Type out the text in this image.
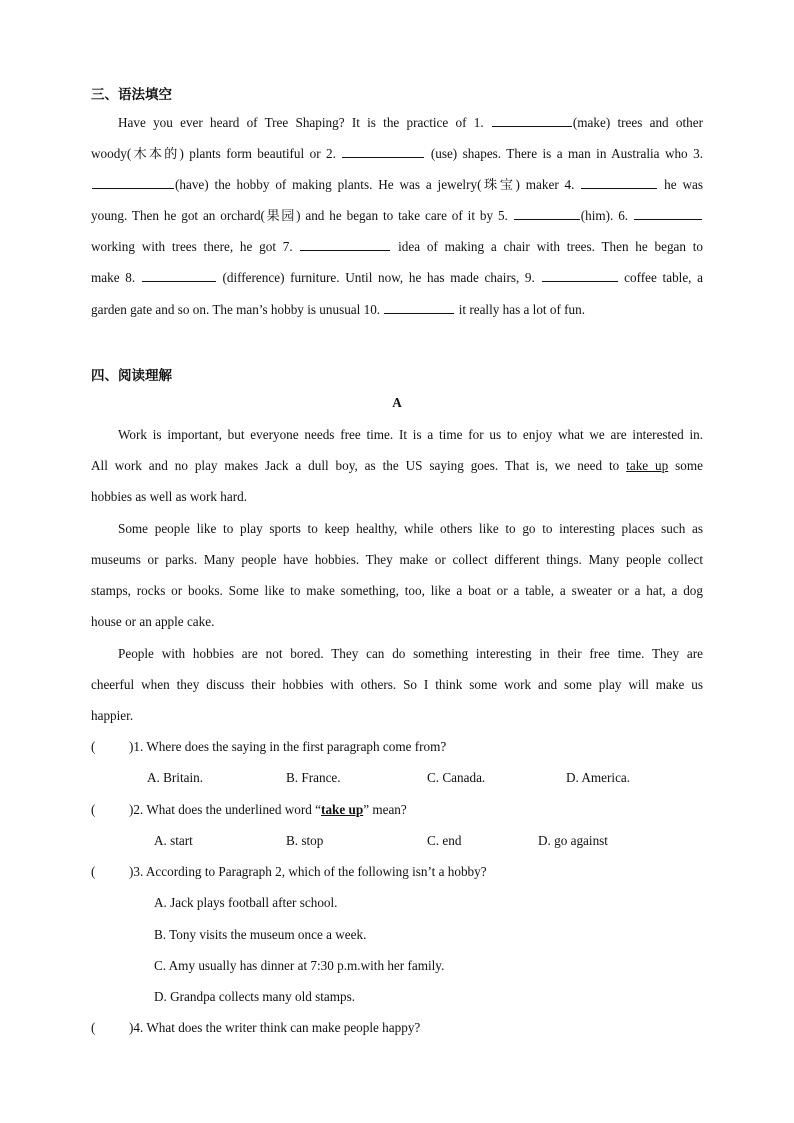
三、语法填空
Have you ever heard of Tree Shaping? It is the practice of 1.	(make) trees and other
woody(木本的) plants form beautiful or 2.	(use) shapes. There is a man in Australia who 3.
(have) the hobby of making plants. He was a jewelry(珠宝) maker 4.	he was
young. Then he got an orchard(果园) and he began to take care of it by 5.	(him). 6.
working with trees there, he got 7.	idea of making a chair with trees. Then he began to
make 8.	(difference) furniture. Until now, he has made chairs, 9.	coffee table, a
garden gate and so on. The man’s hobby is unusual 10.	it really has a lot of fun.
四、阅读理解
A
Work is important, but everyone needs free time. It is a time for us to enjoy what we are interested in.
All work and no play makes Jack a dull boy, as the US saying goes. That is, we need to take up some
hobbies as well as work hard.
Some people like to play sports to keep healthy, while others like to go to interesting places such as
museums or parks. Many people have hobbies. They make or collect different things. Many people collect
stamps, rocks or books. Some like to make something, too, like a boat or a table, a sweater or a hat, a dog
house or an apple cake.
People with hobbies are not bored. They can do something interesting in their free time. They are
cheerful when they discuss their hobbies with others. So I think some work and some play will make us
happier.
(	)1. Where does the saying in the first paragraph come from?
A. Britain.	B. France.	C. Canada.	D. America.
(	)2. What does the underlined word “take up” mean?
A. start	B. stop	C. end	D. go against
(	)3. According to Paragraph 2, which of the following isn’t a hobby?
A. Jack plays football after school.
B. Tony visits the museum once a week.
C. Amy usually has dinner at 7:30 p.m.with her family.
D. Grandpa collects many old stamps.
(	)4. What does the writer think can make people happy?
